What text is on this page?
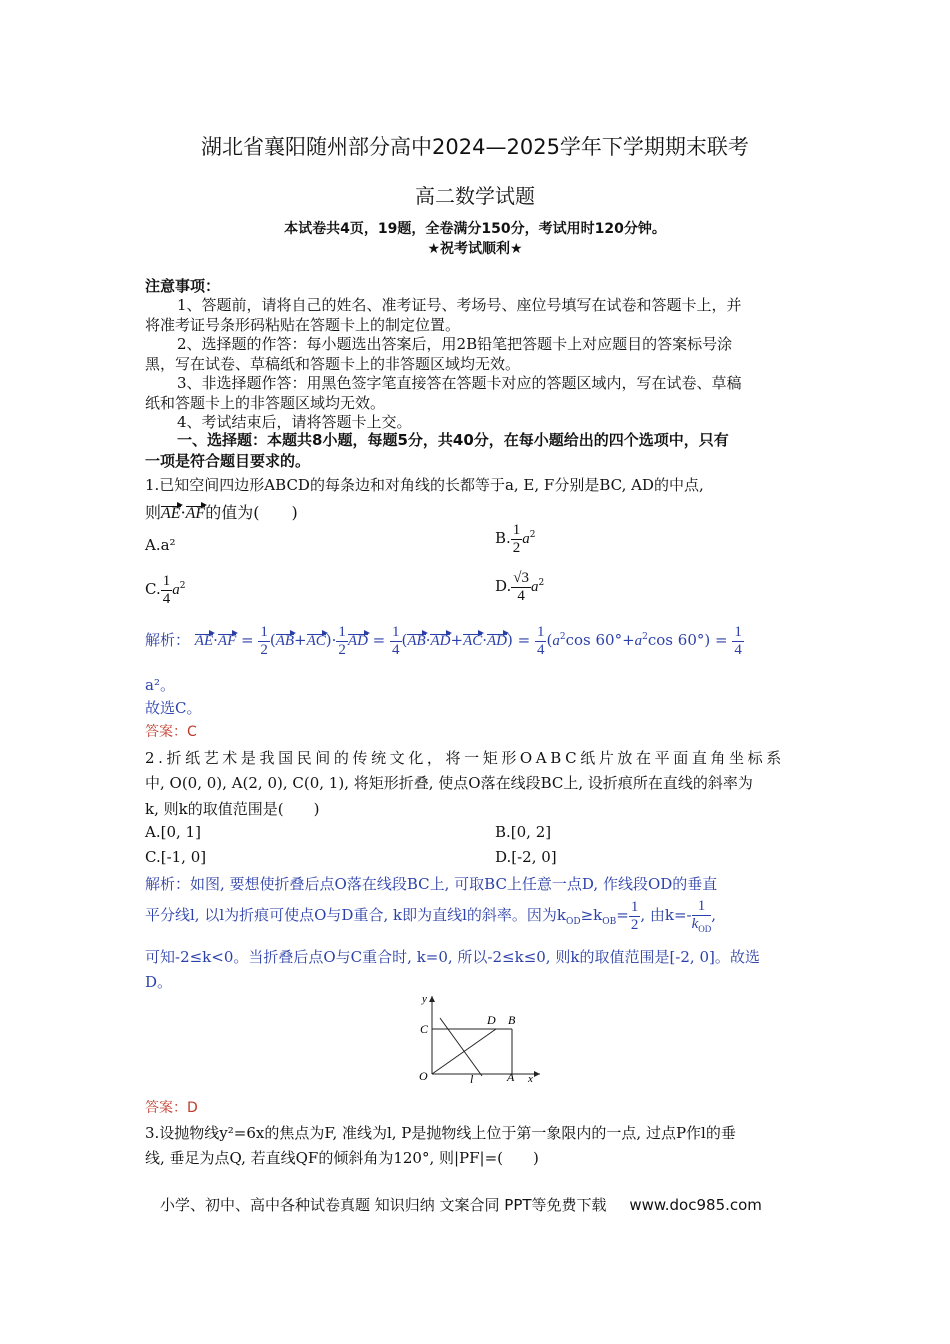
湖北省襄阳随州部分高中2024—2025学年下学期期末联考
高二数学试题
本试卷共4页，19题，全卷满分150分，考试用时120分钟。
★祝考试顺利★
注意事项：
1、答题前，请将自己的姓名、准考证号、考场号、座位号填写在试卷和答题卡上，并
将准考证号条形码粘贴在答题卡上的制定位置。
2、选择题的作答：每小题选出答案后，用2B铅笔把答题卡上对应题目的答案标号涂
黑，写在试卷、草稿纸和答题卡上的非答题区域均无效。
3、非选择题作答：用黑色签字笔直接答在答题卡对应的答题区域内，写在试卷、草稿
纸和答题卡上的非答题区域均无效。
4、考试结束后，请将答题卡上交。
一、选择题：本题共8小题，每题5分，共40分，在每小题给出的四个选项中，只有
一项是符合题目要求的。
1.已知空间四边形ABCD的每条边和对角线的长都等于a, E, F分别是BC, AD的中点,
则AE·AF的值为(　　)
A.a²	B. $\frac{1}{2} a^2$
C. $\frac{1}{4} a^2$	D. $\frac{√3}{4} a^2$
解析： $AE\cdot AF = \frac{1}{2} (AB+AC)\cdot \frac{1}{2}$ AD = $\frac{1}{4} (AB\cdot AD+AC\cdot AD) = \frac{1}{4} (a^2\cos$ $60^\circ+a^2\cos$ $60^\circ) = \frac{1}{4}$
a²。
故选C。
答案：C
2.折纸艺术是我国民间的传统文化，将一矩形OABC纸片放在平面直角坐标系
中, O(0, 0), A(2, 0), C(0, 1), 将矩形折叠, 使点O落在线段BC上, 设折痕所在直线的斜率为
k, 则k的取值范围是(　　)
A.[0, 1]	B.[0, 2]
C.[-1, 0]	D.[-2, 0]
解析：如图, 要想使折叠后点O落在线段BC上, 可取BC上任意一点D, 作线段OD的垂直
平分线l, 以l为折痕可使点O与D重合, k即为直线l的斜率。因为$k_{OD}\ge k_{OB}= \frac{1}{2}$ , 由$k=- \frac{1}{k_{OD}}$ ,
可知-2≤k<0。当折叠后点O与C重合时, k=0, 所以-2≤k≤0, 则k的取值范围是[-2, 0]。故选
D。
y
C
D B
O	l	A x
答案：D
3.设抛物线y²=6x的焦点为F, 准线为l, P是抛物线上位于第一象限内的一点, 过点P作l的垂
线, 垂足为点Q, 若直线QF的倾斜角为120°, 则|PF|=(　　)
小学、初中、高中各种试卷真题 知识归纳 文案合同 PPT等免费下载 www.doc985.com
